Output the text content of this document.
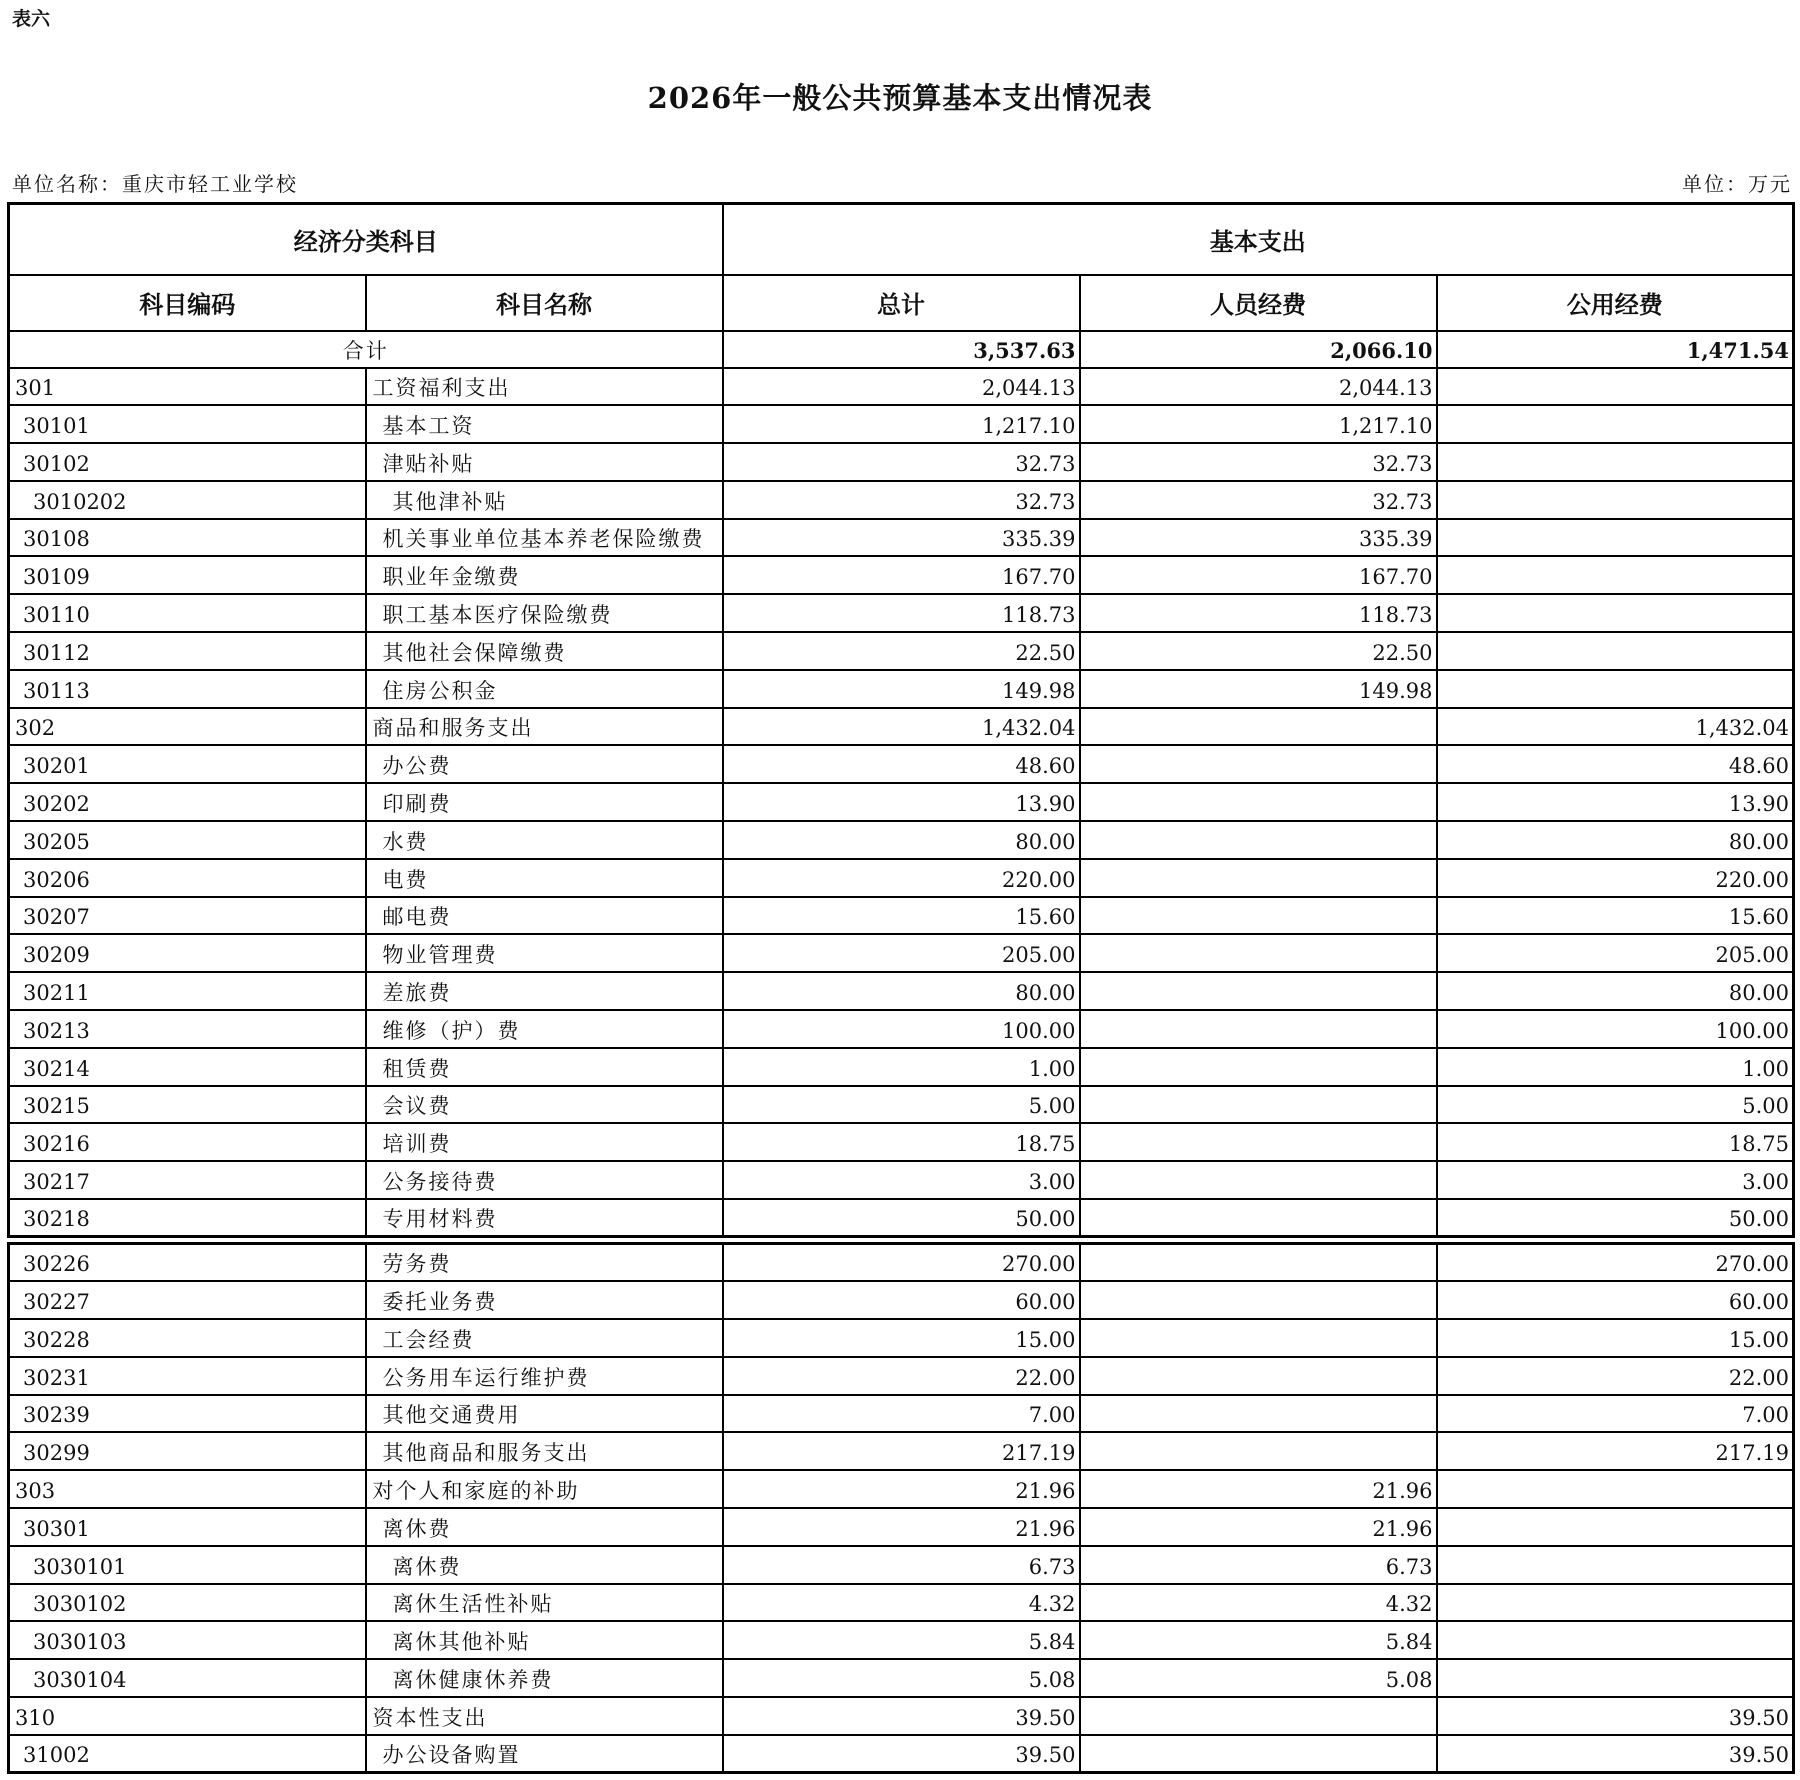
表六
2026年一般公共预算基本支出情况表
单位名称：重庆市轻工业学校	单位：万元
经济分类科目		基本支出		
科目编码	科目名称	总计	人员经费	公用经费
合计		3,537.63	2,066.10	1,471.54
301	工资福利支出	2,044.13	2,044.13	
30101	基本工资	1,217.10	1,217.10	
30102	津贴补贴	32.73	32.73	
3010202	其他津补贴	32.73	32.73	
30108	机关事业单位基本养老保险缴费	335.39	335.39	
30109	职业年金缴费	167.70	167.70	
30110	职工基本医疗保险缴费	118.73	118.73	
30112	其他社会保障缴费	22.50	22.50	
30113	住房公积金	149.98	149.98	
302	商品和服务支出	1,432.04		1,432.04
30201	办公费	48.60		48.60
30202	印刷费	13.90		13.90
30205	水费	80.00		80.00
30206	电费	220.00		220.00
30207	邮电费	15.60		15.60
30209	物业管理费	205.00		205.00
30211	差旅费	80.00		80.00
30213	维修（护）费	100.00		100.00
30214	租赁费	1.00		1.00
30215	会议费	5.00		5.00
30216	培训费	18.75		18.75
30217	公务接待费	3.00		3.00
30218	专用材料费	50.00		50.00
30226	劳务费	270.00		270.00
30227	委托业务费	60.00		60.00
30228	工会经费	15.00		15.00
30231	公务用车运行维护费	22.00		22.00
30239	其他交通费用	7.00		7.00
30299	其他商品和服务支出	217.19		217.19
303	对个人和家庭的补助	21.96	21.96	
30301	离休费	21.96	21.96	
3030101	离休费	6.73	6.73	
3030102	离休生活性补贴	4.32	4.32	
3030103	离休其他补贴	5.84	5.84	
3030104	离休健康休养费	5.08	5.08	
310	资本性支出	39.50		39.50
31002	办公设备购置	39.50		39.50
